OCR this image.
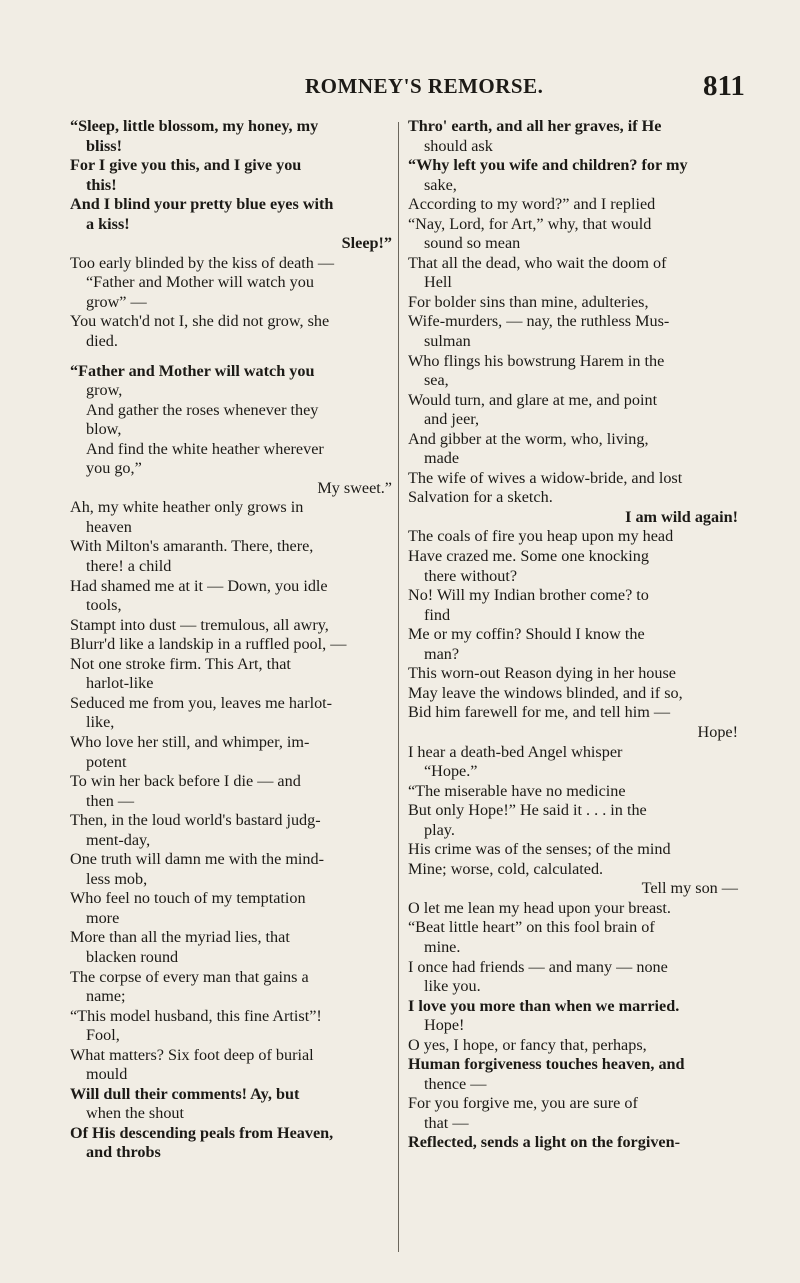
ROMNEY'S REMORSE.	811
“Sleep, little blossom, my honey, my
bliss!
For I give you this, and I give you
this!
And I blind your pretty blue eyes with
a kiss!
Sleep!”
Too early blinded by the kiss of death —
“Father and Mother will watch you
grow” —
You watch'd not I, she did not grow, she
died.
“Father and Mother will watch you
grow,
And gather the roses whenever they
blow,
And find the white heather wherever
you go,”
My sweet.”
Ah, my white heather only grows in
heaven
With Milton's amaranth. There, there,
there! a child
Had shamed me at it — Down, you idle
tools,
Stampt into dust — tremulous, all awry,
Blurr'd like a landskip in a ruffled pool, —
Not one stroke firm. This Art, that
harlot-like
Seduced me from you, leaves me harlot-
like,
Who love her still, and whimper, im-
potent
To win her back before I die — and
then —
Then, in the loud world's bastard judg-
ment-day,
One truth will damn me with the mind-
less mob,
Who feel no touch of my temptation
more
More than all the myriad lies, that
blacken round
The corpse of every man that gains a
name;
“This model husband, this fine Artist”!
Fool,
What matters? Six foot deep of burial
mould
Will dull their comments! Ay, but
when the shout
Of His descending peals from Heaven,
and throbs
Thro' earth, and all her graves, if He
should ask
“Why left you wife and children? for my
sake,
According to my word?” and I replied
“Nay, Lord, for Art,” why, that would
sound so mean
That all the dead, who wait the doom of
Hell
For bolder sins than mine, adulteries,
Wife-murders, — nay, the ruthless Mus-
sulman
Who flings his bowstrung Harem in the
sea,
Would turn, and glare at me, and point
and jeer,
And gibber at the worm, who, living,
made
The wife of wives a widow-bride, and lost
Salvation for a sketch.
I am wild again!
The coals of fire you heap upon my head
Have crazed me. Some one knocking
there without?
No! Will my Indian brother come? to
find
Me or my coffin? Should I know the
man?
This worn-out Reason dying in her house
May leave the windows blinded, and if so,
Bid him farewell for me, and tell him —
Hope!
I hear a death-bed Angel whisper
“Hope.”
“The miserable have no medicine
But only Hope!” He said it . . . in the
play.
His crime was of the senses; of the mind
Mine; worse, cold, calculated.
Tell my son —
O let me lean my head upon your breast.
“Beat little heart” on this fool brain of
mine.
I once had friends — and many — none
like you.
I love you more than when we married.
Hope!
O yes, I hope, or fancy that, perhaps,
Human forgiveness touches heaven, and
thence —
For you forgive me, you are sure of
that —
Reflected, sends a light on the forgiven-
